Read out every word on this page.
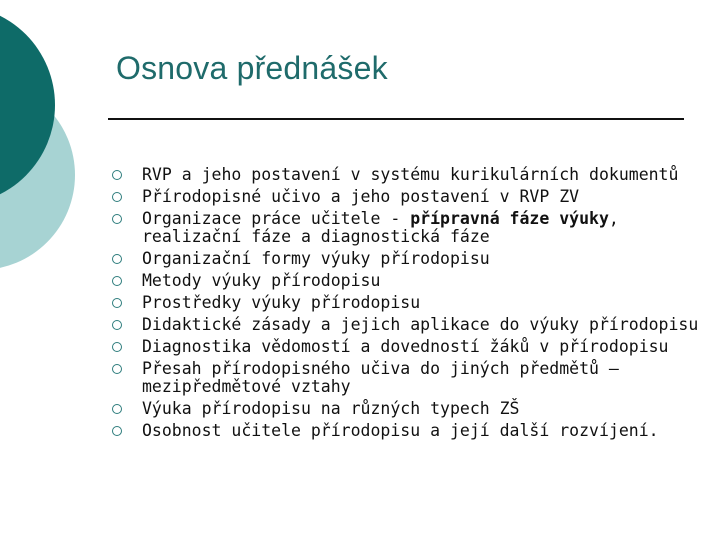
Osnova přednášek
RVP a jeho postavení v systému kurikulárních dokumentů
Přírodopisné učivo a jeho postavení v RVP ZV
Organizace práce učitele - přípravná fáze výuky, realizační fáze a diagnostická fáze
Organizační formy výuky přírodopisu
Metody výuky přírodopisu
Prostředky výuky přírodopisu
Didaktické zásady a jejich aplikace do výuky přírodopisu
Diagnostika vědomostí a dovedností žáků v přírodopisu
Přesah přírodopisného učiva do jiných předmětů – mezipředmětové vztahy
Výuka přírodopisu na různých typech ZŠ
Osobnost učitele přírodopisu a její další rozvíjení.
